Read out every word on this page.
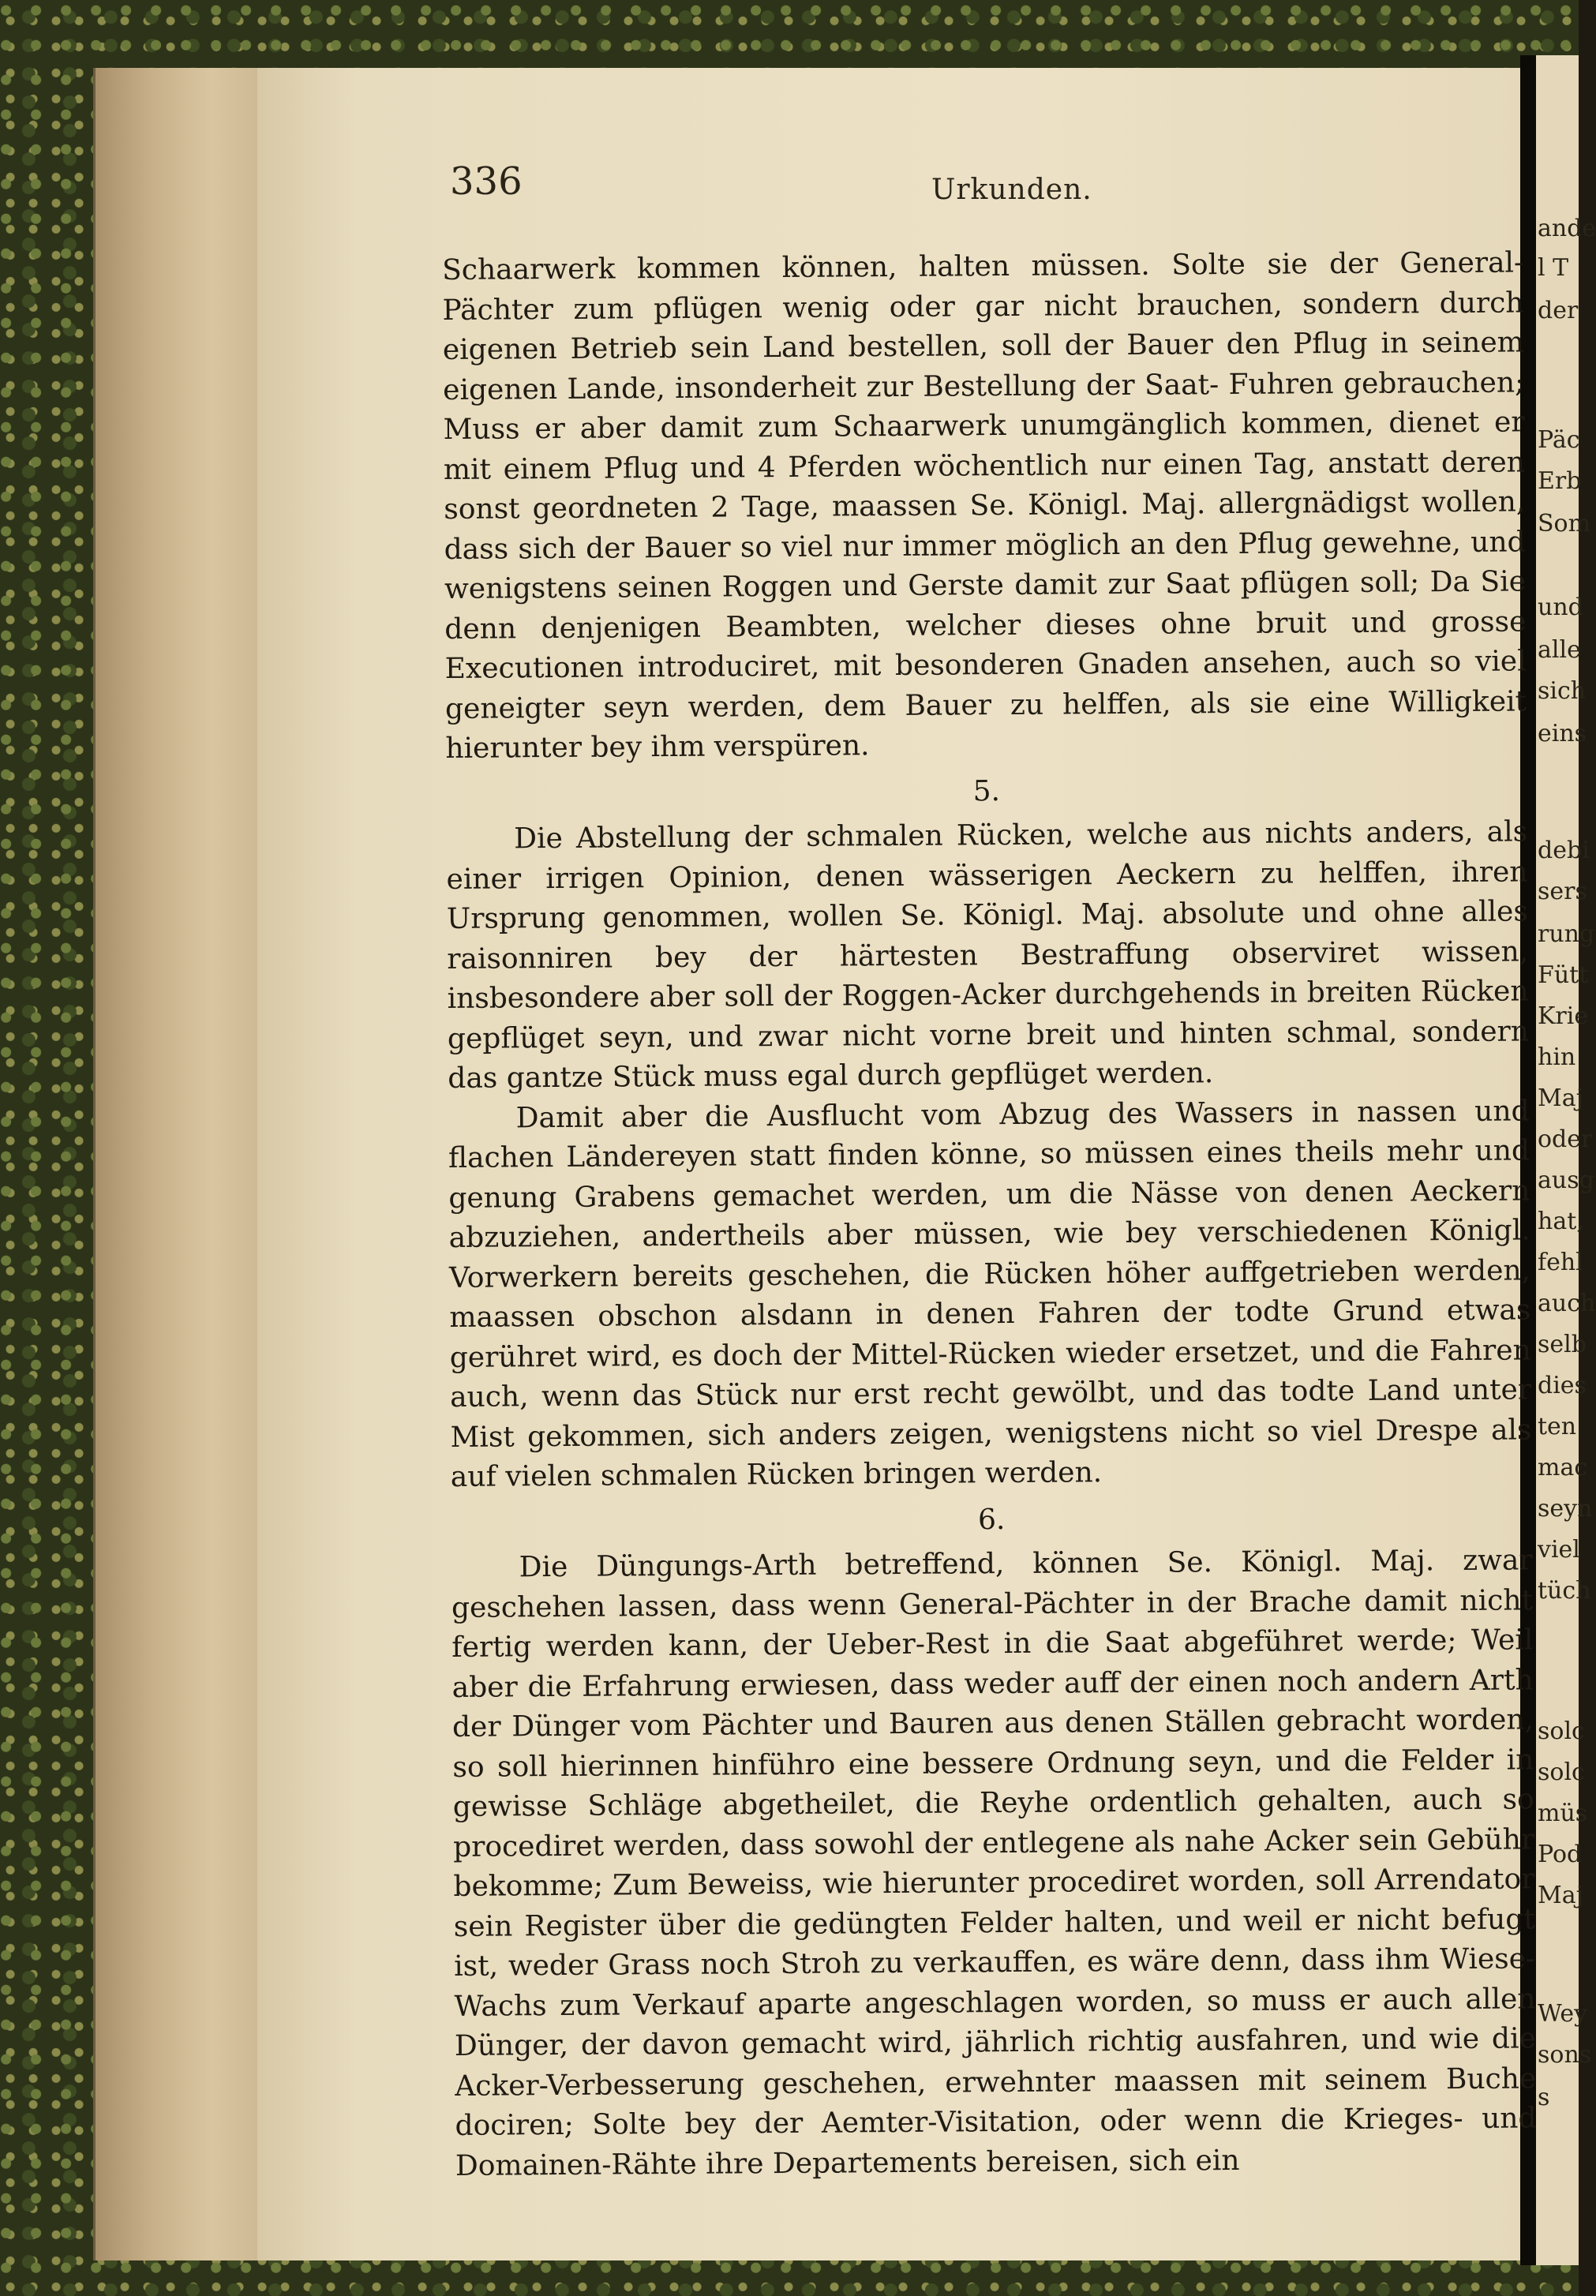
ande
l T
der
Päc
Erb
Som
und
alle
sich
eins
debi
sers
rung
Fütt
Krie
hin
Maj
oder
ausg
hat,
fehl
auch
selb
dies
ten
mac
seyn
viel
tüch
solc
solc
müs
Pod
Maj
Wey
sons
s
336	Urkunden.

Schaarwerk kommen können, halten müssen. Solte sie der General-Pächter zum pflügen wenig oder gar nicht brauchen, sondern durch eigenen Betrieb sein Land bestellen, soll der Bauer den Pflug in seinem eigenen Lande, insonderheit zur Bestellung der Saat- Fuhren gebrauchen; Muss er aber damit zum Schaarwerk unumgänglich kommen, dienet er mit einem Pflug und 4 Pferden wöchentlich nur einen Tag, anstatt deren sonst geordneten 2 Tage, maassen Se. Königl. Maj. allergnädigst wollen, dass sich der Bauer so viel nur immer möglich an den Pflug gewehne, und wenigstens seinen Roggen und Gerste damit zur Saat pflügen soll; Da Sie denn denjenigen Beambten, welcher dieses ohne bruit und grosse Executionen introduciret, mit besonderen Gnaden ansehen, auch so viel geneigter seyn werden, dem Bauer zu helffen, als sie eine Willigkeit hierunter bey ihm verspüren.

5.

Die Abstellung der schmalen Rücken, welche aus nichts anders, als einer irrigen Opinion, denen wässerigen Aeckern zu helffen, ihren Ursprung genommen, wollen Se. Königl. Maj. absolute und ohne alles raisonniren bey der härtesten Bestraffung observiret wissen, insbesondere aber soll der Roggen-Acker durchgehends in breiten Rücken gepflüget seyn, und zwar nicht vorne breit und hinten schmal, sondern das gantze Stück muss egal durch gepflüget werden.

Damit aber die Ausflucht vom Abzug des Wassers in nassen und flachen Ländereyen statt finden könne, so müssen eines theils mehr und genung Grabens gemachet werden, um die Nässe von denen Aeckern abzuziehen, andertheils aber müssen, wie bey verschiedenen Königl. Vorwerkern bereits geschehen, die Rücken höher auffgetrieben werden, maassen obschon alsdann in denen Fahren der todte Grund etwas gerühret wird, es doch der Mittel-Rücken wieder ersetzet, und die Fahren auch, wenn das Stück nur erst recht gewölbt, und das todte Land unter Mist gekommen, sich anders zeigen, wenigstens nicht so viel Drespe als auf vielen schmalen Rücken bringen werden.

6.

Die Düngungs-Arth betreffend, können Se. Königl. Maj. zwar geschehen lassen, dass wenn General-Pächter in der Brache damit nicht fertig werden kann, der Ueber-Rest in die Saat abgeführet werde; Weil aber die Erfahrung erwiesen, dass weder auff der einen noch andern Arth der Dünger vom Pächter und Bauren aus denen Ställen gebracht worden, so soll hierinnen hinführo eine bessere Ordnung seyn, und die Felder in gewisse Schläge abgetheilet, die Reyhe ordentlich gehalten, auch so procediret werden, dass sowohl der entlegene als nahe Acker sein Gebühr bekomme; Zum Beweiss, wie hierunter procediret worden, soll Arrendator sein Register über die gedüngten Felder halten, und weil er nicht befugt ist, weder Grass noch Stroh zu verkauffen, es wäre denn, dass ihm Wiese-Wachs zum Verkauf aparte angeschlagen worden, so muss er auch allen Dünger, der davon gemacht wird, jährlich richtig ausfahren, und wie die Acker-Verbesserung geschehen, erwehnter maassen mit seinem Buche dociren; Solte bey der Aemter-Visitation, oder wenn die Krieges- und Domainen-Rähte ihre Departements bereisen, sich ein
